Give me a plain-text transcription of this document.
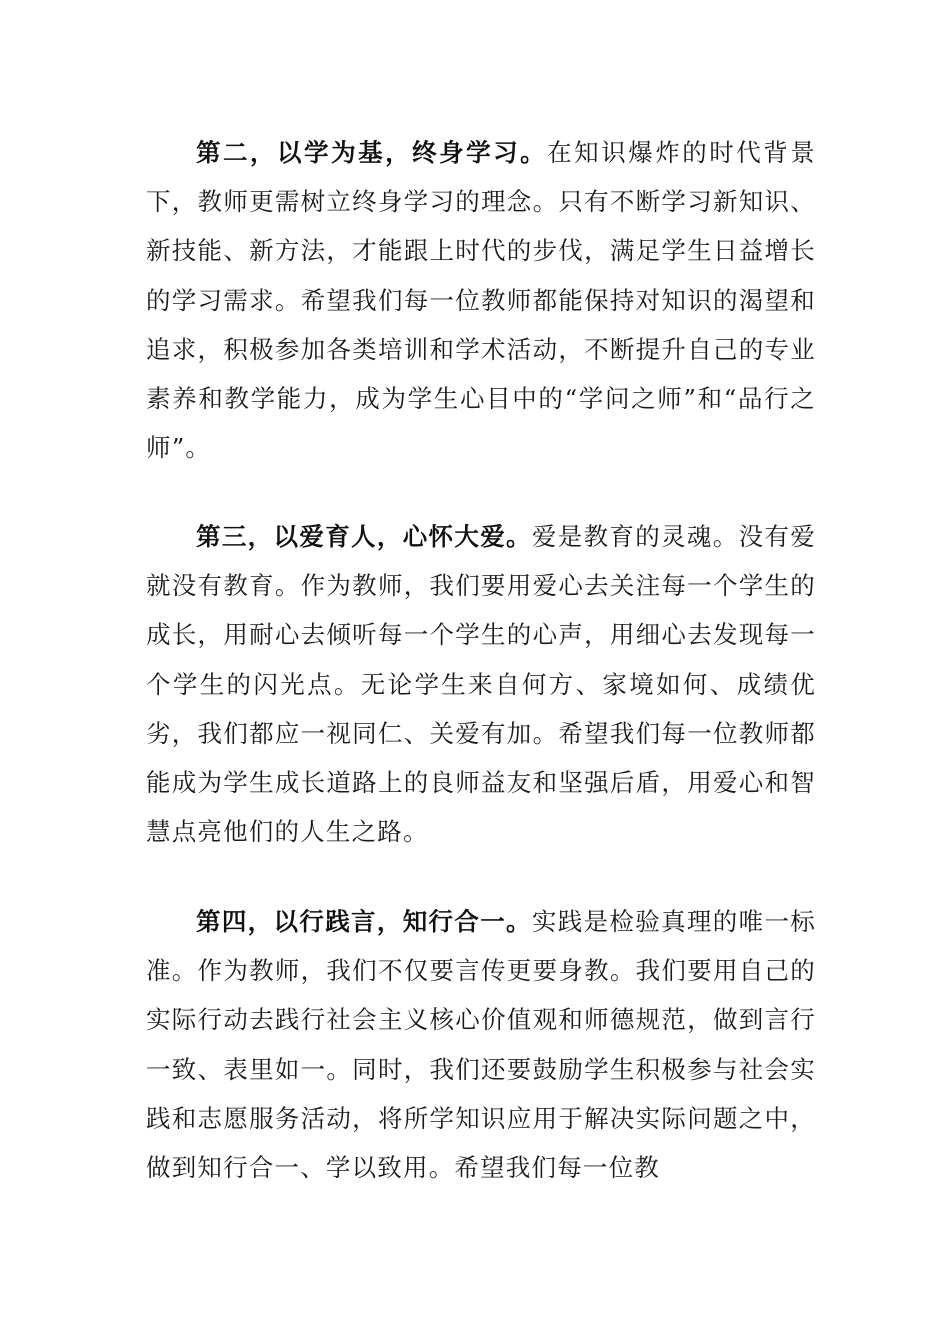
第二，以学为基，终身学习。在知识爆炸的时代背景下，教师更需树立终身学习的理念。只有不断学习新知识、新技能、新方法，才能跟上时代的步伐，满足学生日益增长的学习需求。希望我们每一位教师都能保持对知识的渴望和追求，积极参加各类培训和学术活动，不断提升自己的专业素养和教学能力，成为学生心目中的“学问之师”和“品行之师”。

第三，以爱育人，心怀大爱。爱是教育的灵魂。没有爱就没有教育。作为教师，我们要用爱心去关注每一个学生的成长，用耐心去倾听每一个学生的心声，用细心去发现每一个学生的闪光点。无论学生来自何方、家境如何、成绩优劣，我们都应一视同仁、关爱有加。希望我们每一位教师都能成为学生成长道路上的良师益友和坚强后盾，用爱心和智慧点亮他们的人生之路。

第四，以行践言，知行合一。实践是检验真理的唯一标准。作为教师，我们不仅要言传更要身教。我们要用自己的实际行动去践行社会主义核心价值观和师德规范，做到言行一致、表里如一。同时，我们还要鼓励学生积极参与社会实践和志愿服务活动，将所学知识应用于解决实际问题之中，做到知行合一、学以致用。希望我们每一位教
